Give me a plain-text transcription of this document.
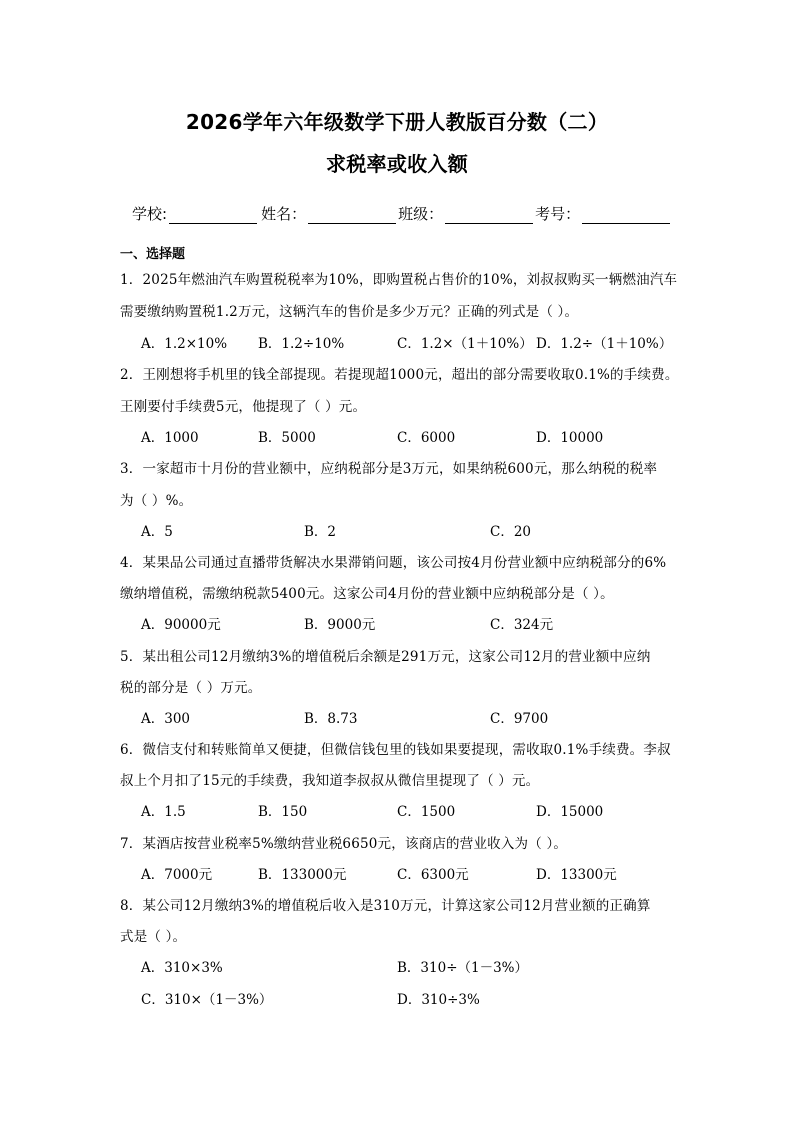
2026学年六年级数学下册人教版百分数（二）
求税率或收入额
学校:	姓名：	班级：	考号：
一、选择题
1．2025年燃油汽车购置税税率为10%，即购置税占售价的10%，刘叔叔购买一辆燃油汽车
需要缴纳购置税1.2万元，这辆汽车的售价是多少万元？正确的列式是（ ）。
A．1.2×10% B．1.2÷10%	C．1.2×（1＋10%） D．1.2÷（1＋10%）
2．王刚想将手机里的钱全部提现。若提现超1000元，超出的部分需要收取0.1%的手续费。
王刚要付手续费5元，他提现了（ ）元。
A．1000	B．5000	C．6000	D．10000
3．一家超市十月份的营业额中，应纳税部分是3万元，如果纳税600元，那么纳税的税率
为（ ）%。
A．5	B．2	C．20
4．某果品公司通过直播带货解决水果滞销问题，该公司按4月份营业额中应纳税部分的6%
缴纳增值税，需缴纳税款5400元。这家公司4月份的营业额中应纳税部分是（ ）。
A．90000元	B．9000元	C．324元
5．某出租公司12月缴纳3%的增值税后余额是291万元，这家公司12月的营业额中应纳
税的部分是（ ）万元。
A．300	B．8.73	C．9700
6．微信支付和转账简单又便捷，但微信钱包里的钱如果要提现，需收取0.1%手续费。李叔
叔上个月扣了15元的手续费，我知道李叔叔从微信里提现了（ ）元。
A．1.5	B．150	C．1500	D．15000
7．某酒店按营业税率5%缴纳营业税6650元，该商店的营业收入为（ ）。
A．7000元	B．133000元	C．6300元	D．13300元
8．某公司12月缴纳3%的增值税后收入是310万元，计算这家公司12月营业额的正确算
式是（ ）。
A．310×3%	B．310÷（1－3%）
C．310×（1－3%）	D．310÷3%
